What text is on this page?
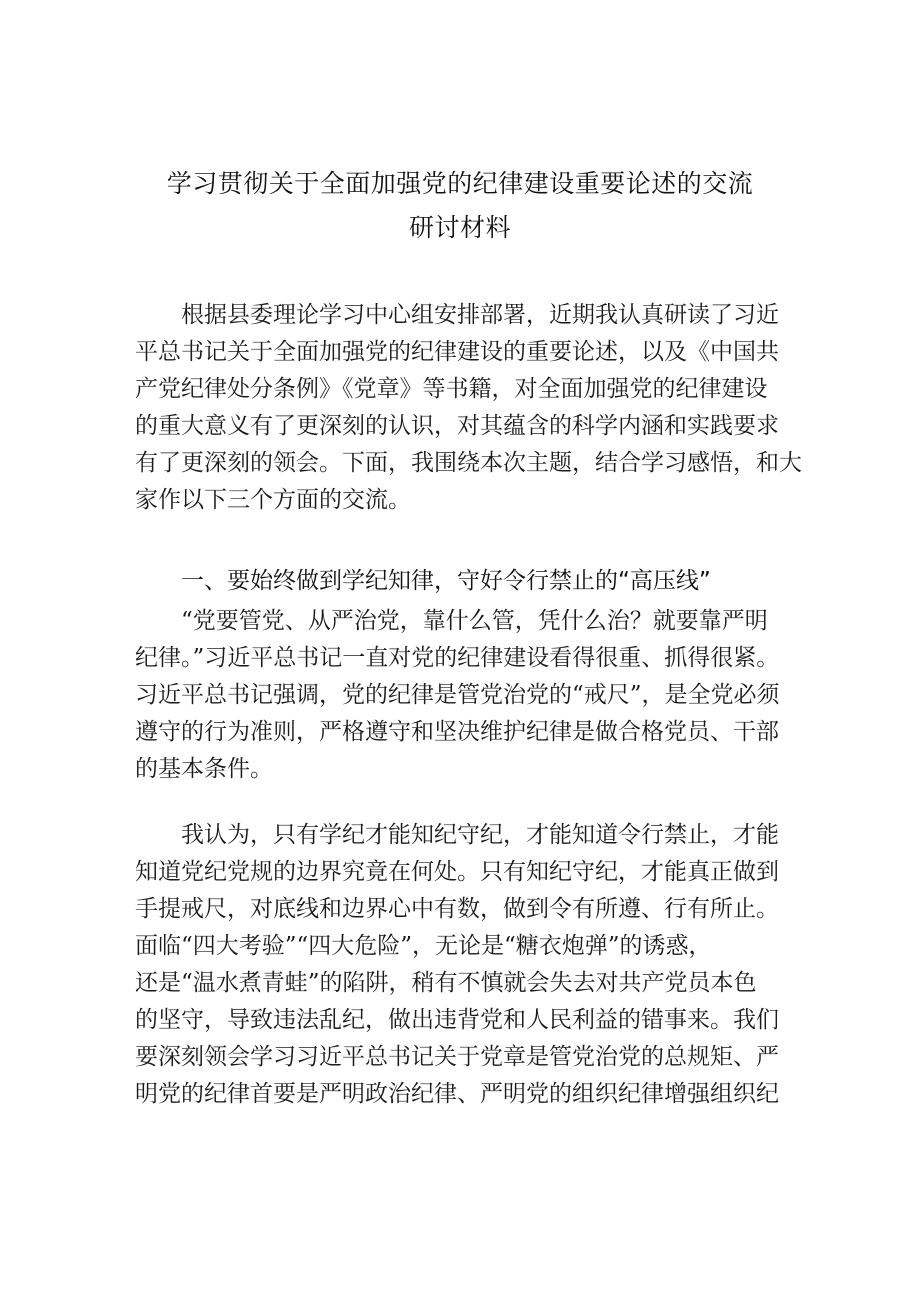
学习贯彻关于全面加强党的纪律建设重要论述的交流
研讨材料
根据县委理论学习中心组安排部署，近期我认真研读了习近
平总书记关于全面加强党的纪律建设的重要论述，以及《中国共
产党纪律处分条例》《党章》等书籍，对全面加强党的纪律建设
的重大意义有了更深刻的认识，对其蕴含的科学内涵和实践要求
有了更深刻的领会。下面，我围绕本次主题，结合学习感悟，和大
家作以下三个方面的交流。
一、要始终做到学纪知律，守好令行禁止的“高压线”
“党要管党、从严治党，靠什么管，凭什么治？就要靠严明
纪律。”习近平总书记一直对党的纪律建设看得很重、抓得很紧。
习近平总书记强调，党的纪律是管党治党的“戒尺”，是全党必须
遵守的行为准则，严格遵守和坚决维护纪律是做合格党员、干部
的基本条件。
我认为，只有学纪才能知纪守纪，才能知道令行禁止，才能
知道党纪党规的边界究竟在何处。只有知纪守纪，才能真正做到
手提戒尺，对底线和边界心中有数，做到令有所遵、行有所止。
面临“四大考验”“四大危险”，无论是“糖衣炮弹”的诱惑，
还是“温水煮青蛙”的陷阱，稍有不慎就会失去对共产党员本色
的坚守，导致违法乱纪，做出违背党和人民利益的错事来。我们
要深刻领会学习习近平总书记关于党章是管党治党的总规矩、严
明党的纪律首要是严明政治纪律、严明党的组织纪律增强组织纪
